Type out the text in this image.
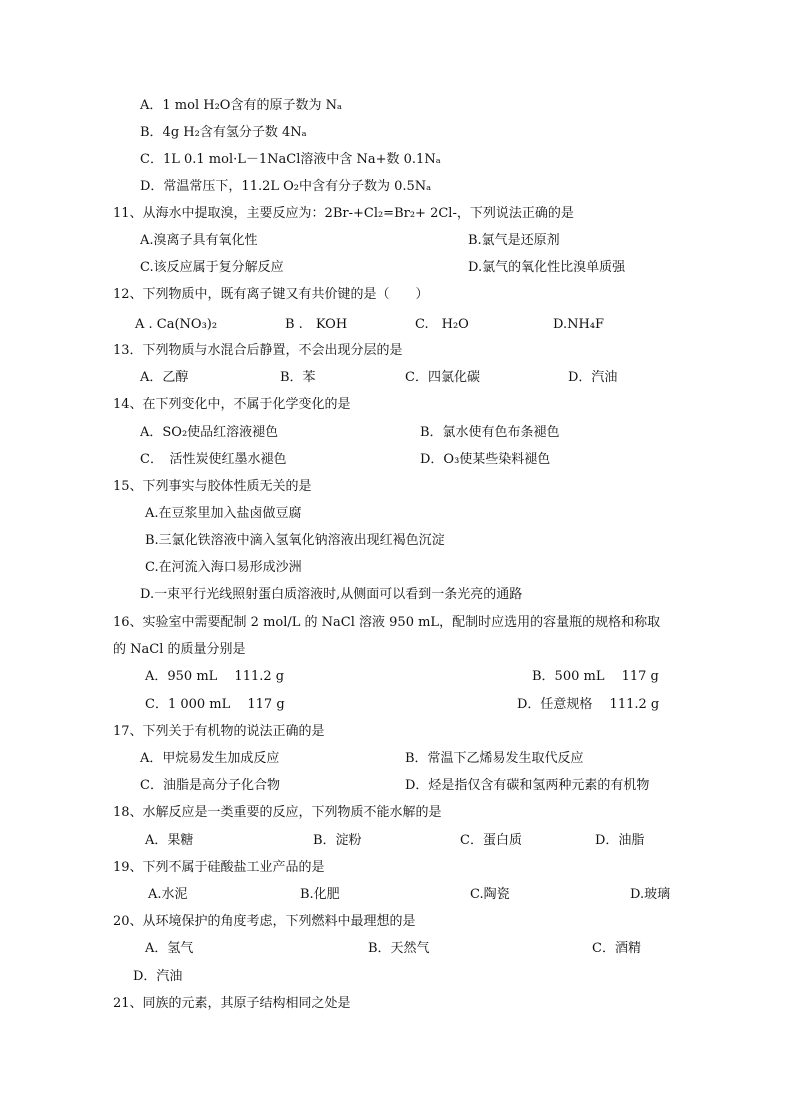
A．1 mol H₂O含有的原子数为 Nₐ
B．4g H₂含有氢分子数 4Nₐ
C．1L 0.1 mol·L－1NaCl溶液中含 Na+数 0.1Nₐ
D．常温常压下，11.2L O₂中含有分子数为 0.5Nₐ
11、从海水中提取溴，主要反应为：2Br-+Cl₂=Br₂+ 2Cl-，下列说法正确的是
A.溴离子具有氧化性	B.氯气是还原剂
C.该反应属于复分解反应	D.氯气的氧化性比溴单质强
12、下列物质中，既有离子键又有共价键的是（　　）
A . Ca(NO₃)₂	B .　KOH	C.　H₂O	D.NH₄F
13．下列物质与水混合后静置，不会出现分层的是
A．乙醇	B．苯	C．四氯化碳	D．汽油
14、在下列变化中，不属于化学变化的是
A．SO₂使品红溶液褪色	B．氯水使有色布条褪色
C．　活性炭使红墨水褪色	D．O₃使某些染料褪色
15、下列事实与胶体性质无关的是
A.在豆浆里加入盐卤做豆腐
B.三氯化铁溶液中滴入氢氧化钠溶液出现红褐色沉淀
C.在河流入海口易形成沙洲
D.一束平行光线照射蛋白质溶液时,从侧面可以看到一条光亮的通路
16、实验室中需要配制 2 mol/L 的 NaCl 溶液 950 mL，配制时应选用的容量瓶的规格和称取
的 NaCl 的质量分别是
A．950 mL　 111.2 g	B．500 mL　 117 g
C．1 000 mL　 117 g	D．任意规格　 111.2 g
17、下列关于有机物的说法正确的是
A．甲烷易发生加成反应	B．常温下乙烯易发生取代反应
C．油脂是高分子化合物	D．烃是指仅含有碳和氢两种元素的有机物
18、水解反应是一类重要的反应，下列物质不能水解的是
A．果糖	B．淀粉	C．蛋白质	D．油脂
19、下列不属于硅酸盐工业产品的是
A.水泥	B.化肥	C.陶瓷	D.玻璃
20、从环境保护的角度考虑，下列燃料中最理想的是
A．氢气	B．天然气	C．酒精
D．汽油
21、同族的元素，其原子结构相同之处是
